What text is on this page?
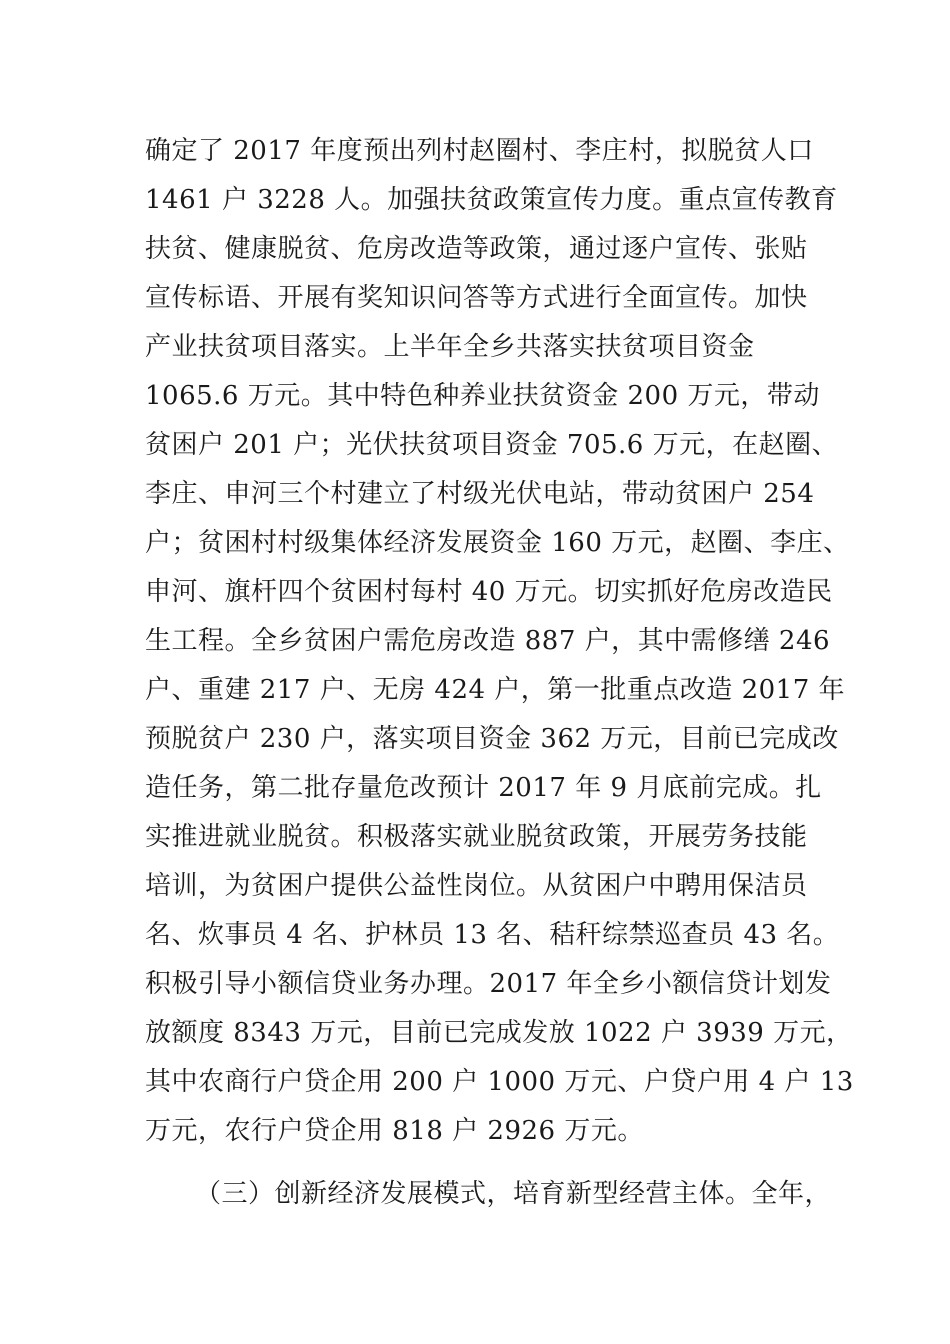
确定了 2017 年度预出列村赵圈村、李庄村，拟脱贫人口
1461 户 3228 人。加强扶贫政策宣传力度。重点宣传教育
扶贫、健康脱贫、危房改造等政策，通过逐户宣传、张贴
宣传标语、开展有奖知识问答等方式进行全面宣传。加快
产业扶贫项目落实。上半年全乡共落实扶贫项目资金
1065.6 万元。其中特色种养业扶贫资金 200 万元，带动
贫困户 201 户；光伏扶贫项目资金 705.6 万元，在赵圈、
李庄、申河三个村建立了村级光伏电站，带动贫困户 254
户；贫困村村级集体经济发展资金 160 万元，赵圈、李庄、
申河、旗杆四个贫困村每村 40 万元。切实抓好危房改造民
生工程。全乡贫困户需危房改造 887 户，其中需修缮 246
户、重建 217 户、无房 424 户，第一批重点改造 2017 年
预脱贫户 230 户，落实项目资金 362 万元，目前已完成改
造任务，第二批存量危改预计 2017 年 9 月底前完成。扎
实推进就业脱贫。积极落实就业脱贫政策，开展劳务技能
培训，为贫困户提供公益性岗位。从贫困户中聘用保洁员
名、炊事员 4 名、护林员 13 名、秸秆综禁巡查员 43 名。
积极引导小额信贷业务办理。2017 年全乡小额信贷计划发
放额度 8343 万元，目前已完成发放 1022 户 3939 万元，
其中农商行户贷企用 200 户 1000 万元、户贷户用 4 户 13
万元，农行户贷企用 818 户 2926 万元。
（三）创新经济发展模式，培育新型经营主体。全年，
